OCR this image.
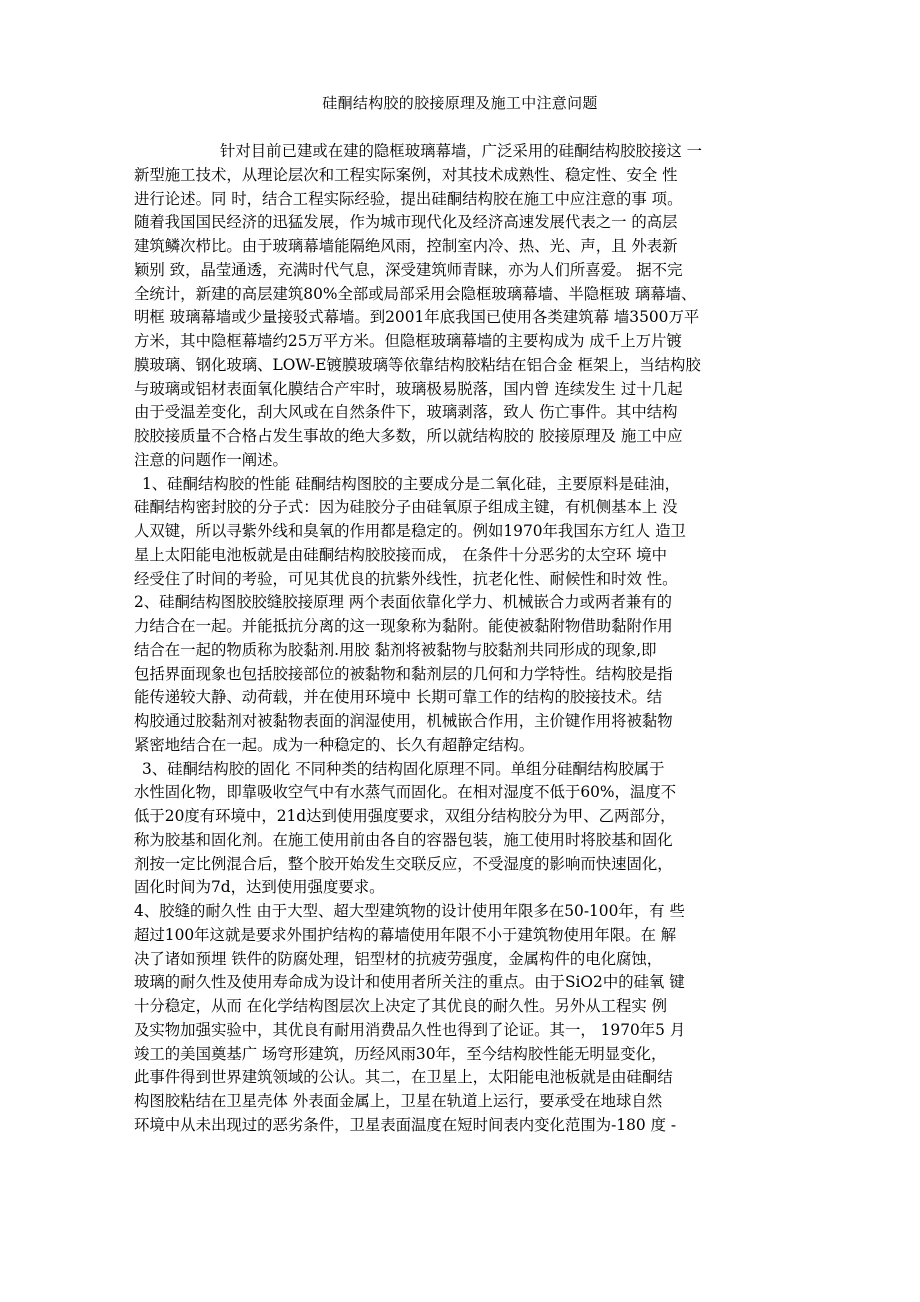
硅酮结构胶的胶接原理及施工中注意问题
针对目前已建或在建的隐框玻璃幕墙，广泛采用的硅酮结构胶胶接这 一
新型施工技术，从理论层次和工程实际案例，对其技术成熟性、稳定性、安全 性
进行论述。同 时，结合工程实际经验，提出硅酮结构胶在施工中应注意的事 项。
随着我国国民经济的迅猛发展，作为城市现代化及经济高速发展代表之一 的高层
建筑鳞次栉比。由于玻璃幕墙能隔绝风雨，控制室内冷、热、光、声，且 外表新
颖别 致，晶莹通透，充满时代气息，深受建筑师青睐，亦为人们所喜爱。 据不完
全统计，新建的高层建筑80%全部或局部采用会隐框玻璃幕墙、半隐框玻 璃幕墙、
明框 玻璃幕墙或少量接驳式幕墙。到2001年底我国已使用各类建筑幕 墙3500万平
方米，其中隐框幕墙约25万平方米。但隐框玻璃幕墙的主要构成为 成千上万片镀
膜玻璃、钢化玻璃、LOW-E镀膜玻璃等依靠结构胶粘结在铝合金 框架上，当结构胶
与玻璃或铝材表面氧化膜结合产牢时，玻璃极易脱落，国内曾 连续发生 过十几起
由于受温差变化，刮大风或在自然条件下，玻璃剥落，致人 伤亡事件。其中结构
胶胶接质量不合格占发生事故的绝大多数，所以就结构胶的 胶接原理及 施工中应
注意的问题作一阐述。
1、硅酮结构胶的性能 硅酮结构图胶的主要成分是二氧化硅，主要原料是硅油，
硅酮结构密封胶的分子式：因为硅胶分子由硅氧原子组成主键，有机侧基本上 没
人双键，所以寻紫外线和臭氧的作用都是稳定的。例如1970年我国东方红人 造卫
星上太阳能电池板就是由硅酮结构胶胶接而成， 在条件十分恶劣的太空环 境中
经受住了时间的考验，可见其优良的抗紫外线性，抗老化性、耐候性和时效 性。
2、硅酮结构图胶胶缝胶接原理 两个表面依靠化学力、机械嵌合力或两者兼有的
力结合在一起。并能抵抗分离的这一现象称为黏附。能使被黏附物借助黏附作用
结合在一起的物质称为胶黏剂.用胶 黏剂将被黏物与胶黏剂共同形成的现象,即
包括界面现象也包括胶接部位的被黏物和黏剂层的几何和力学特性。结构胶是指
能传递较大静、动荷载，并在使用环境中 长期可靠工作的结构的胶接技术。结
构胶通过胶黏剂对被黏物表面的润湿使用，机械嵌合作用，主价键作用将被黏物
紧密地结合在一起。成为一种稳定的、长久有超静定结构。
3、硅酮结构胶的固化 不同种类的结构固化原理不同。单组分硅酮结构胶属于
水性固化物，即靠吸收空气中有水蒸气而固化。在相对湿度不低于60%，温度不
低于20度有环境中，21d达到使用强度要求，双组分结构胶分为甲、乙两部分，
称为胶基和固化剂。在施工使用前由各自的容器包装，施工使用时将胶基和固化
剂按一定比例混合后，整个胶开始发生交联反应，不受湿度的影响而快速固化，
固化时间为7d，达到使用强度要求。
4、胶缝的耐久性 由于大型、超大型建筑物的设计使用年限多在50-100年，有 些
超过100年这就是要求外围护结构的幕墙使用年限不小于建筑物使用年限。在 解
决了诸如预埋 铁件的防腐处理，铝型材的抗疲劳强度，金属构件的电化腐蚀，
玻璃的耐久性及使用寿命成为设计和使用者所关注的重点。由于SiO2中的硅氧 键
十分稳定，从而 在化学结构图层次上决定了其优良的耐久性。另外从工程实 例
及实物加强实验中，其优良有耐用消费品久性也得到了论证。其一， 1970年5 月
竣工的美国奠基广 场穹形建筑，历经风雨30年，至今结构胶性能无明显变化，
此事件得到世界建筑领域的公认。其二，在卫星上，太阳能电池板就是由硅酮结
构图胶粘结在卫星壳体 外表面金属上，卫星在轨道上运行，要承受在地球自然
环境中从未出现过的恶劣条件，卫星表面温度在短时间表内变化范围为-180 度 -
